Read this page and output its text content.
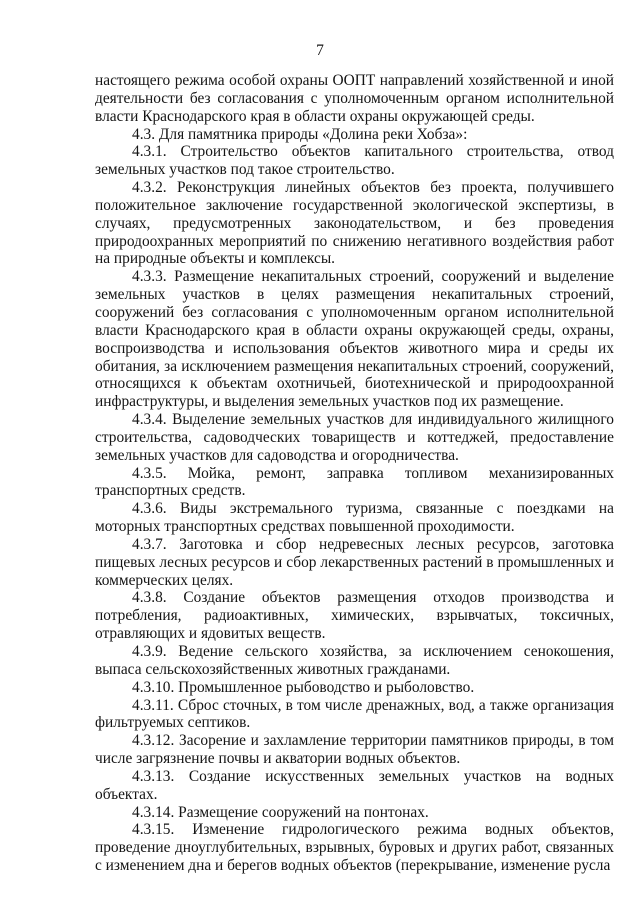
7

настоящего режима особой охраны ООПТ направлений хозяйственной и иной деятельности без согласования с уполномоченным органом исполнительной власти Краснодарского края в области охраны окружающей среды.

4.3. Для памятника природы «Долина реки Хобза»:

4.3.1. Строительство объектов капитального строительства, отвод земельных участков под такое строительство.

4.3.2. Реконструкция линейных объектов без проекта, получившего положительное заключение государственной экологической экспертизы, в случаях, предусмотренных законодательством, и без проведения природоохранных мероприятий по снижению негативного воздействия работ на природные объекты и комплексы.

4.3.3. Размещение некапитальных строений, сооружений и выделение земельных участков в целях размещения некапитальных строений, сооружений без согласования с уполномоченным органом исполнительной власти Краснодарского края в области охраны окружающей среды, охраны, воспроизводства и использования объектов животного мира и среды их обитания, за исключением размещения некапитальных строений, сооружений, относящихся к объектам охотничьей, биотехнической и природоохранной инфраструктуры, и выделения земельных участков под их размещение.

4.3.4. Выделение земельных участков для индивидуального жилищного строительства, садоводческих товариществ и коттеджей, предоставление земельных участков для садоводства и огородничества.

4.3.5. Мойка, ремонт, заправка топливом механизированных транспортных средств.

4.3.6. Виды экстремального туризма, связанные с поездками на моторных транспортных средствах повышенной проходимости.

4.3.7. Заготовка и сбор недревесных лесных ресурсов, заготовка пищевых лесных ресурсов и сбор лекарственных растений в промышленных и коммерческих целях.

4.3.8. Создание объектов размещения отходов производства и потребления, радиоактивных, химических, взрывчатых, токсичных, отравляющих и ядовитых веществ.

4.3.9. Ведение сельского хозяйства, за исключением сенокошения, выпаса сельскохозяйственных животных гражданами.

4.3.10. Промышленное рыбоводство и рыболовство.

4.3.11. Сброс сточных, в том числе дренажных, вод, а также организация фильтруемых септиков.

4.3.12. Засорение и захламление территории памятников природы, в том числе загрязнение почвы и акватории водных объектов.

4.3.13. Создание искусственных земельных участков на водных объектах.

4.3.14. Размещение сооружений на понтонах.

4.3.15. Изменение гидрологического режима водных объектов, проведение дноуглубительных, взрывных, буровых и других работ, связанных с изменением дна и берегов водных объектов (перекрывание, изменение русла
